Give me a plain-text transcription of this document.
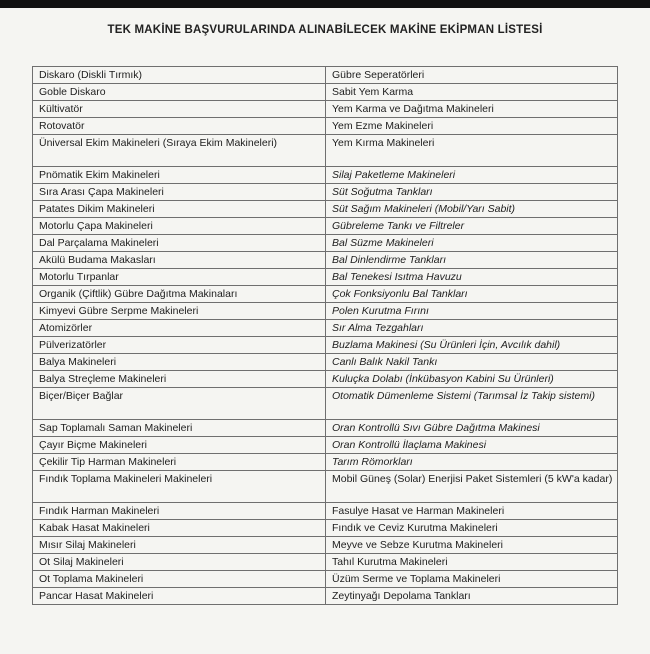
TEK MAKİNE BAŞVURULARINDA ALINABİLECEK MAKİNE EKİPMAN LİSTESİ
Diskaro (Diskli Tırmık)	Gübre Seperatörleri
Goble Diskaro	Sabit Yem Karma
Kültivatör	Yem Karma ve Dağıtma Makineleri
Rotovatör	Yem Ezme Makineleri
Üniversal Ekim Makineleri (Sıraya Ekim Makineleri)	Yem Kırma Makineleri
Pnömatik Ekim Makineleri	Silaj Paketleme Makineleri
Sıra Arası Çapa Makineleri	Süt Soğutma Tankları
Patates Dikim Makineleri	Süt Sağım Makineleri (Mobil/Yarı Sabit)
Motorlu Çapa Makineleri	Gübreleme Tankı ve Filtreler
Dal Parçalama Makineleri	Bal Süzme Makineleri
Akülü Budama Makasları	Bal Dinlendirme Tankları
Motorlu Tırpanlar	Bal Tenekesi Isıtma Havuzu
Organik (Çiftlik) Gübre Dağıtma Makinaları	Çok Fonksiyonlu Bal Tankları
Kimyevi Gübre Serpme Makineleri	Polen Kurutma Fırını
Atomizörler	Sır Alma Tezgahları
Pülverizatörler	Buzlama Makinesi (Su Ürünleri İçin, Avcılık dahil)
Balya Makineleri	Canlı Balık Nakil Tankı
Balya Streçleme Makineleri	Kuluçka Dolabı (İnkübasyon Kabini Su Ürünleri)
Biçer/Biçer Bağlar	Otomatik Dümenleme Sistemi (Tarımsal İz Takip sistemi)
Sap Toplamalı Saman Makineleri	Oran Kontrollü Sıvı Gübre Dağıtma Makinesi
Çayır Biçme Makineleri	Oran Kontrollü İlaçlama Makinesi
Çekilir Tip Harman Makineleri	Tarım Römorkları
Fındık Toplama Makineleri Makineleri	Mobil Güneş (Solar) Enerjisi Paket Sistemleri (5 kW'a kadar)
Fındık Harman Makineleri	Fasulye Hasat ve Harman Makineleri
Kabak Hasat Makineleri	Fındık ve Ceviz Kurutma Makineleri
Mısır Silaj Makineleri	Meyve ve Sebze Kurutma Makineleri
Ot Silaj Makineleri	Tahıl Kurutma Makineleri
Ot Toplama Makineleri	Üzüm Serme ve Toplama Makineleri
Pancar Hasat Makineleri	Zeytinyağı Depolama Tankları
